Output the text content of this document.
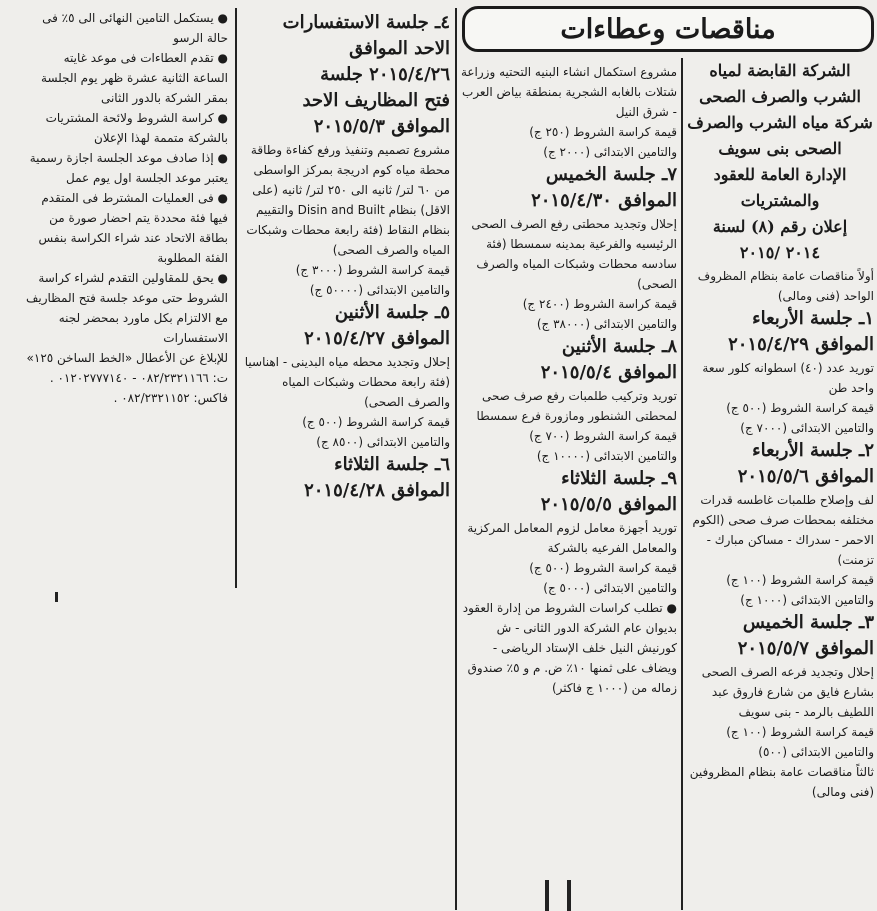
مناقصات وعطاءات

الشركة القابضة لمياه

الشرب والصرف الصحى

شركة مياه الشرب والصرف

الصحى بنى سويف

الإدارة العامة للعقود

والمشتريات

إعلان رقم (٨) لسنة

٢٠١٤ /٢٠١٥

أولاً مناقصات عامة بنظام المظروف الواحد (فنى ومالى)

١ـ جلسة الأربعاء

الموافق ٢٠١٥/٤/٢٩

توريد عدد (٤٠) اسطوانه كلور سعة واحد طن

قيمة كراسة الشروط (٥٠٠ ج)

والتامين الابتدائى (٧٠٠٠ ج)

٢ـ جلسة الأربعاء

الموافق ٢٠١٥/٥/٦

لف وإصلاح طلمبات غاطسه قدرات مختلفه بمحطات صرف صحى (الكوم الاحمر - سدراك - مساكن مبارك - تزمنت)

قيمة كراسة الشروط (١٠٠ ج)

والتامين الابتدائى (١٠٠٠ ج)

٣ـ جلسة الخميس

الموافق ٢٠١٥/٥/٧

إحلال وتجديد فرعه الصرف الصحى بشارع فايق من شارع فاروق عبد اللطيف بالرمد - بنى سويف

قيمة كراسة الشروط (١٠٠ ج)

والتامين الابتدائى (٥٠٠)

ثالثاً مناقصات عامة بنظام المظروفين (فنى ومالى)

مشروع استكمال انشاء البنيه التحتيه وزراعة شتلات بالغابه الشجرية بمنطقة بياض العرب - شرق النيل

قيمة كراسة الشروط (٢٥٠ ج)

والتامين الابتدائى (٢٠٠٠ ج)

٧ـ جلسة الخميس

الموافق ٢٠١٥/٤/٣٠

إحلال وتجديد محطتى رفع الصرف الصحى الرئيسيه والفرعية بمدينه سمسطا (فئة سادسه محطات وشبكات المياه والصرف الصحى)

قيمة كراسة الشروط (٢٤٠٠ ج)

والتامين الابتدائى (٣٨٠٠٠ ج)

٨ـ جلسة الأثنين

الموافق ٢٠١٥/٥/٤

توريد وتركيب طلمبات رفع صرف صحى لمحطتى الشنطور ومازورة فرع سمسطا

قيمة كراسة الشروط (٧٠٠ ج)

والتامين الابتدائى (١٠٠٠٠ ج)

٩ـ جلسة الثلاثاء

الموافق ٢٠١٥/٥/٥

توريد أجهزة معامل لزوم المعامل المركزية والمعامل الفرعيه بالشركة

قيمة كراسة الشروط (٥٠٠ ج)

والتامين الابتدائى (٥٠٠٠ ج)

● تطلب كراسات الشروط من إدارة العقود بديوان عام الشركة الدور الثانى - ش كورنيش النيل خلف الإستاد الرياضى - ويضاف على ثمنها ١٠٪ ض. م و ٥٪ صندوق زماله من (١٠٠٠ ج فاكثر)

٤ـ جلسة الاستفسارات

الاحد الموافق

٢٠١٥/٤/٢٦ جلسة

فتح المظاريف الاحد

الموافق ٢٠١٥/٥/٣

مشروع تصميم وتنفيذ ورفع كفاءة وطاقة محطة مياه كوم ادريجة بمركز الواسطى من ٦٠ لتر/ ثانيه الى ٢٥٠ لتر/ ثانيه (على الاقل) بنظام Disin and Built والتقييم بنظام النقاط (فئة رابعة محطات وشبكات المياه والصرف الصحى)

قيمة كراسة الشروط (٣٠٠٠ ج)

والتامين الابتدائى (٥٠٠٠٠ ج)

٥ـ جلسة الأثنين

الموافق ٢٠١٥/٤/٢٧

إحلال وتجديد محطه مياه البدينى - اهناسيا (فئة رابعة محطات وشبكات المياه والصرف الصحى)

قيمة كراسة الشروط (٥٠٠ ج)

والتامين الابتدائى (٨٥٠٠ ج)

٦ـ جلسة الثلاثاء

الموافق ٢٠١٥/٤/٢٨

● يستكمل التامين النهائى الى ٥٪ فى حالة الرسو

● تقدم العطاءات فى موعد غايته الساعة الثانية عشرة ظهر يوم الجلسة بمقر الشركة بالدور الثانى

● كراسة الشروط ولائحة المشتريات بالشركة متممة لهذا الإعلان

● إذا صادف موعد الجلسة اجازة رسمية يعتبر موعد الجلسة اول يوم عمل

● فى العمليات المشترط فى المتقدم فيها فئة محددة يتم احضار صورة من بطاقة الاتحاد عند شراء الكراسة بنفس الفئة المطلوبة

● يحق للمقاولين التقدم لشراء كراسة الشروط حتى موعد جلسة فتح المظاريف مع الالتزام بكل ماورد بمحضر لجنه الاستفسارات

للإبلاغ عن الأعطال «الخط الساخن ١٢٥»

ت: ٠٨٢/٢٣٢١١٦٦ - ٠١٢٠٢٧٧٧١٤٠ .

فاكس: ٠٨٢/٢٣٢١١٥٢ .
